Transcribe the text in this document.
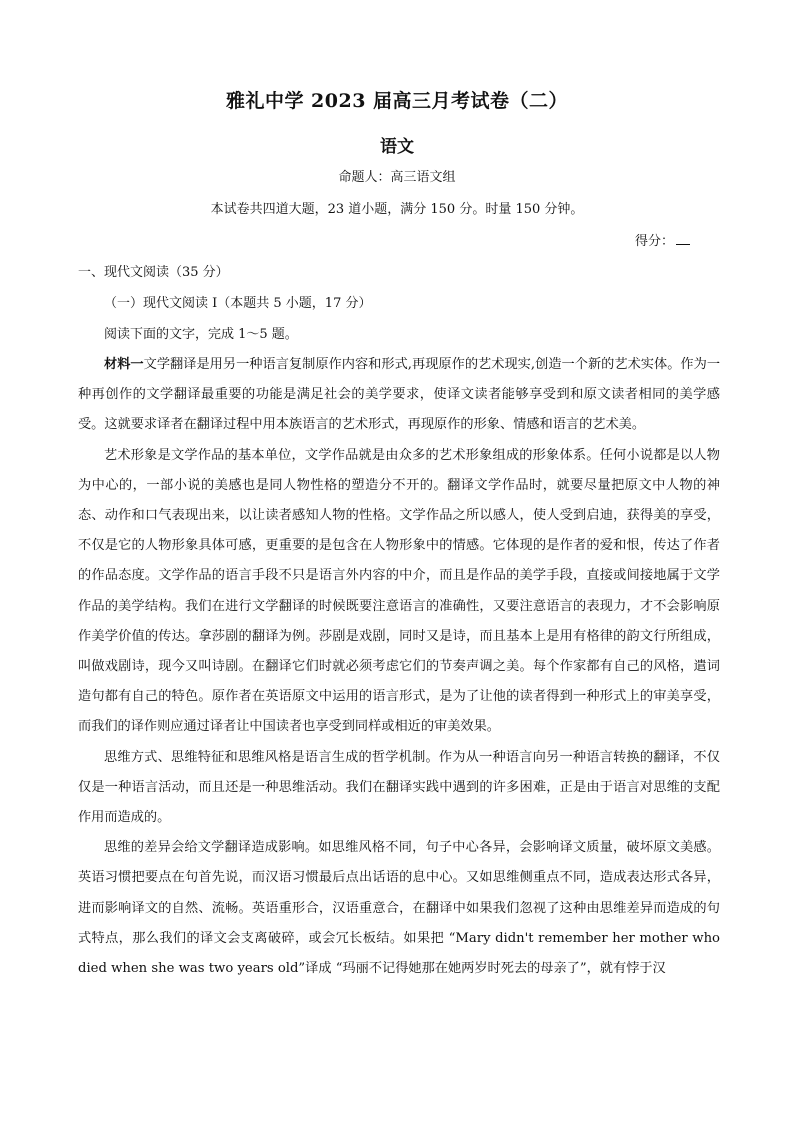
雅礼中学 2023 届高三月考试卷（二）
语文
命题人：高三语文组
本试卷共四道大题，23 道小题，满分 150 分。时量 150 分钟。
得分：
一、现代文阅读（35 分）
（一）现代文阅读 I（本题共 5 小题，17 分）
阅读下面的文字，完成 1～5 题。

材料一文学翻译是用另一种语言复制原作内容和形式,再现原作的艺术现实,创造一个新的艺术实体。作为一种再创作的文学翻译最重要的功能是满足社会的美学要求，使译文读者能够享受到和原文读者相同的美学感受。这就要求译者在翻译过程中用本族语言的艺术形式，再现原作的形象、情感和语言的艺术美。

艺术形象是文学作品的基本单位，文学作品就是由众多的艺术形象组成的形象体系。任何小说都是以人物为中心的，一部小说的美感也是同人物性格的塑造分不开的。翻译文学作品时，就要尽量把原文中人物的神态、动作和口气表现出来，以让读者感知人物的性格。文学作品之所以感人，使人受到启迪，获得美的享受，不仅是它的人物形象具体可感，更重要的是包含在人物形象中的情感。它体现的是作者的爱和恨，传达了作者的作品态度。文学作品的语言手段不只是语言外内容的中介，而且是作品的美学手段，直接或间接地属于文学作品的美学结构。我们在进行文学翻译的时候既要注意语言的准确性，又要注意语言的表现力，才不会影响原作美学价值的传达。拿莎剧的翻译为例。莎剧是戏剧，同时又是诗，而且基本上是用有格律的韵文行所组成，叫做戏剧诗，现今又叫诗剧。在翻译它们时就必须考虑它们的节奏声调之美。每个作家都有自己的风格，遣词造句都有自己的特色。原作者在英语原文中运用的语言形式，是为了让他的读者得到一种形式上的审美享受，而我们的译作则应通过译者让中国读者也享受到同样或相近的审美效果。

思维方式、思维特征和思维风格是语言生成的哲学机制。作为从一种语言向另一种语言转换的翻译，不仅仅是一种语言活动，而且还是一种思维活动。我们在翻译实践中遇到的许多困难，正是由于语言对思维的支配作用而造成的。

思维的差异会给文学翻译造成影响。如思维风格不同，句子中心各异，会影响译文质量，破坏原文美感。英语习惯把要点在句首先说，而汉语习惯最后点出话语的息中心。又如思维侧重点不同，造成表达形式各异，进而影响译文的自然、流畅。英语重形合，汉语重意合，在翻译中如果我们忽视了这种由思维差异而造成的句式特点，那么我们的译文会支离破碎，或会冗长板结。如果把 “Mary didn't remember her mother who died when she was two years old”译成 “玛丽不记得她那在她两岁时死去的母亲了”，就有悖于汉
